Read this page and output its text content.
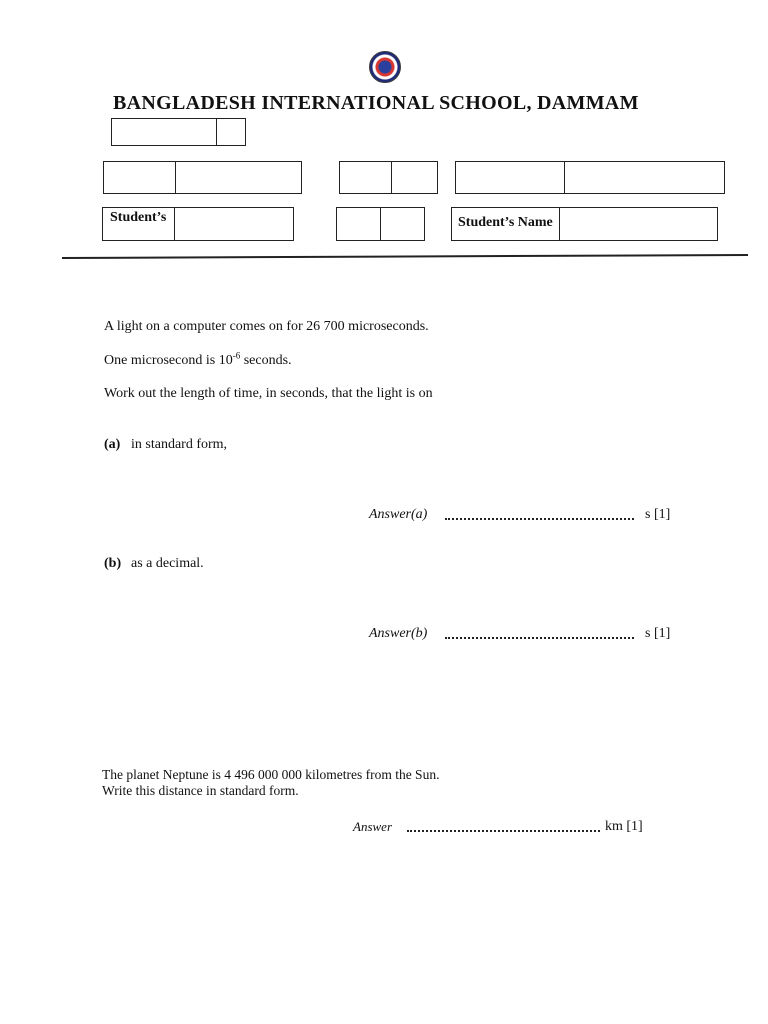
BANGLADESH INTERNATIONAL SCHOOL, DAMMAM
Student’s	Student’s Name
A light on a computer comes on for 26 700 microseconds.
One microsecond is $10^{-6}$ seconds.
Work out the length of time, in seconds, that the light is on
(a) in standard form,
Answer(a)	s [1]
(b) as a decimal.
Answer(b)	s [1]
The planet Neptune is 4 496 000 000 kilometres from the Sun.
Write this distance in standard form.
Answer	km [1]
